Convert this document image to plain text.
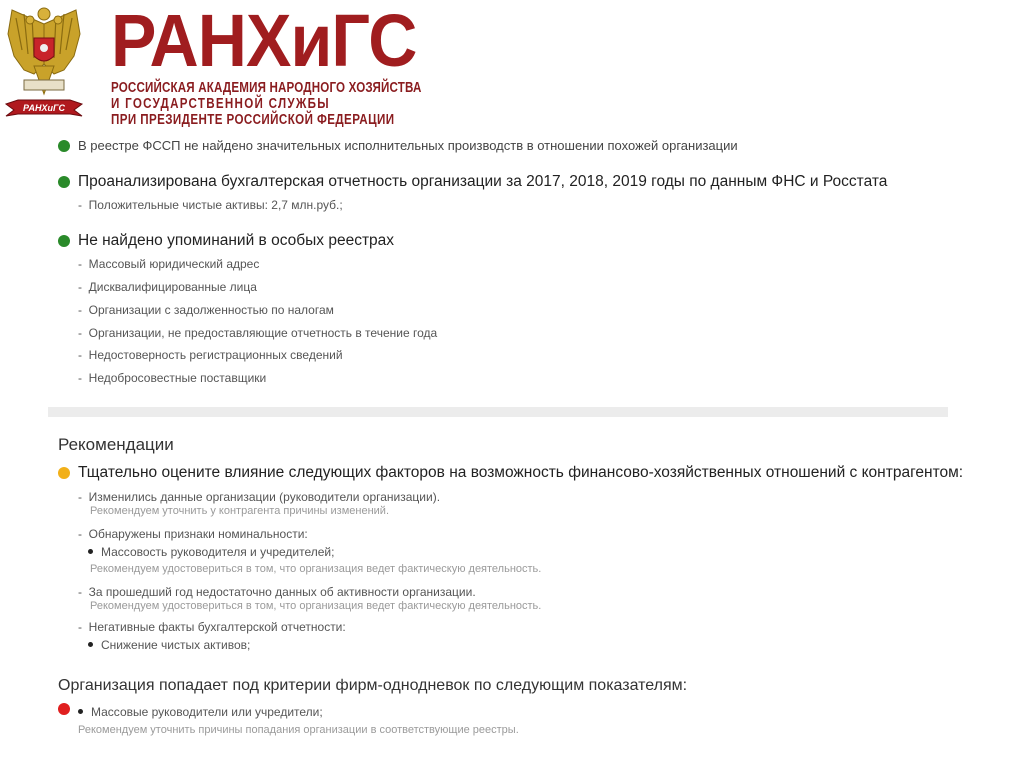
РАНХиГС
РАНХиГС
РОССИЙСКАЯ АКАДЕМИЯ НАРОДНОГО ХОЗЯЙСТВА
И ГОСУДАРСТВЕННОЙ СЛУЖБЫ
ПРИ ПРЕЗИДЕНТЕ РОССИЙСКОЙ ФЕДЕРАЦИИ
В реестре ФССП не найдено значительных исполнительных производств в отношении похожей организации
Проанализирована бухгалтерская отчетность организации за 2017, 2018, 2019 годы по данным ФНС и Росстата
-  Положительные чистые активы: 2,7 млн.руб.;
Не найдено упоминаний в особых реестрах
-  Массовый юридический адрес
-  Дисквалифицированные лица
-  Организации с задолженностью по налогам
-  Организации, не предоставляющие отчетность в течение года
-  Недостоверность регистрационных сведений
-  Недобросовестные поставщики
Рекомендации
Тщательно оцените влияние следующих факторов на возможность финансово-хозяйственных отношений с контрагентом:
-  Изменились данные организации (руководители организации).
Рекомендуем уточнить у контрагента причины изменений.
-  Обнаружены признаки номинальности:
Массовость руководителя и учредителей;
Рекомендуем удостовериться в том, что организация ведет фактическую деятельность.
-  За прошедший год недостаточно данных об активности организации.
Рекомендуем удостовериться в том, что организация ведет фактическую деятельность.
-  Негативные факты бухгалтерской отчетности:
Снижение чистых активов;
Организация попадает под критерии фирм-однодневок по следующим показателям:
Массовые руководители или учредители;
Рекомендуем уточнить причины попадания организации в соответствующие реестры.
